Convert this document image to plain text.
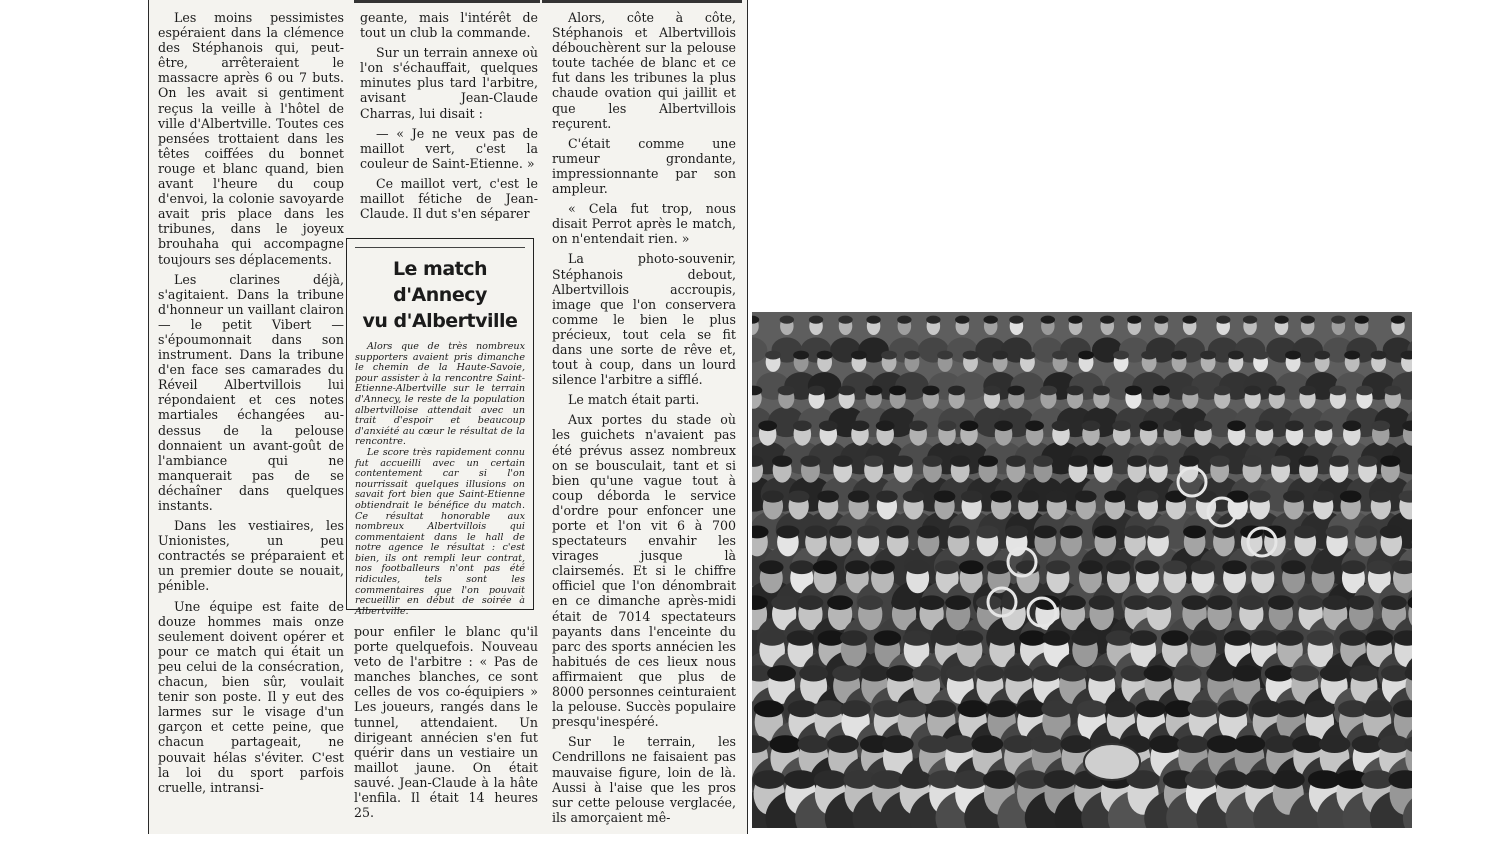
Les moins pessimistes espéraient dans la clémence des Stéphanois qui, peut-être, arrêteraient le massacre après 6 ou 7 buts. On les avait si gentiment reçus la veille à l'hôtel de ville d'Albertville. Toutes ces pensées trottaient dans les têtes coiffées du bonnet rouge et blanc quand, bien avant l'heure du coup d'envoi, la colonie savoyarde avait pris place dans les tribunes, dans le joyeux brouhaha qui accompagne toujours ses déplacements.

Les clarines déjà, s'agitaient. Dans la tribune d'honneur un vaillant clairon — le petit Vibert — s'époumonnait dans son instrument. Dans la tribune d'en face ses camarades du Réveil Albertvillois lui répondaient et ces notes martiales échangées au-dessus de la pelouse donnaient un avant-goût de l'ambiance qui ne manquerait pas de se déchaîner dans quelques instants.

Dans les vestiaires, les Unionistes, un peu contractés se préparaient et un premier doute se nouait, pénible.

Une équipe est faite de douze hommes mais onze seulement doivent opérer et pour ce match qui était un peu celui de la consécration, chacun, bien sûr, voulait tenir son poste. Il y eut des larmes sur le visage d'un garçon et cette peine, que chacun partageait, ne pouvait hélas s'éviter. C'est la loi du sport parfois cruelle, intransi-

geante, mais l'intérêt de tout un club la commande.

Sur un terrain annexe où l'on s'échauffait, quelques minutes plus tard l'arbitre, avisant Jean-Claude Charras, lui disait :

— « Je ne veux pas de maillot vert, c'est la couleur de Saint-Etienne. »

Ce maillot vert, c'est le maillot fétiche de Jean-Claude. Il dut s'en séparer

Le match d'Annecy
vu d'Albertville

Alors que de très nombreux supporters avaient pris dimanche le chemin de la Haute-Savoie, pour assister à la rencontre Saint-Etienne-Albertville sur le terrain d'Annecy, le reste de la population albertvilloise attendait avec un trait d'espoir et beaucoup d'anxiété au cœur le résultat de la rencontre.

Le score très rapidement connu fut accueilli avec un certain contentement car si l'on nourrissait quelques illusions on savait fort bien que Saint-Etienne obtiendrait le bénéfice du match. Ce résultat honorable aux nombreux Albertvillois qui commentaient dans le hall de notre agence le résultat : c'est bien, ils ont rempli leur contrat, nos footballeurs n'ont pas été ridicules, tels sont les commentaires que l'on pouvait recueillir en début de soirée à Albertville.

pour enfiler le blanc qu'il porte quelquefois. Nouveau veto de l'arbitre : « Pas de manches blanches, ce sont celles de vos co-équipiers » Les joueurs, rangés dans le tunnel, attendaient. Un dirigeant annécien s'en fut quérir dans un vestiaire un maillot jaune. On était sauvé. Jean-Claude à la hâte l'enfila. Il était 14 heures 25.

Alors, côte à côte, Stéphanois et Albertvillois débouchèrent sur la pelouse toute tachée de blanc et ce fut dans les tribunes la plus chaude ovation qui jaillit et que les Albertvillois reçurent.

C'était comme une rumeur grondante, impressionnante par son ampleur.

« Cela fut trop, nous disait Perrot après le match, on n'entendait rien. »

La photo-souvenir, Stéphanois debout, Albertvillois accroupis, image que l'on conservera comme le bien le plus précieux, tout cela se fit dans une sorte de rêve et, tout à coup, dans un lourd silence l'arbitre a sifflé.

Le match était parti.

Aux portes du stade où les guichets n'avaient pas été prévus assez nombreux on se bousculait, tant et si bien qu'une vague tout à coup déborda le service d'ordre pour enfoncer une porte et l'on vit 6 à 700 spectateurs envahir les virages jusque là clairsemés. Et si le chiffre officiel que l'on dénombrait en ce dimanche après-midi était de 7014 spectateurs payants dans l'enceinte du parc des sports annécien les habitués de ces lieux nous affirmaient que plus de 8000 personnes ceinturaient la pelouse. Succès populaire presqu'inespéré.

Sur le terrain, les Cendrillons ne faisaient pas mauvaise figure, loin de là. Aussi à l'aise que les pros sur cette pelouse verglacée, ils amorçaient mê-
